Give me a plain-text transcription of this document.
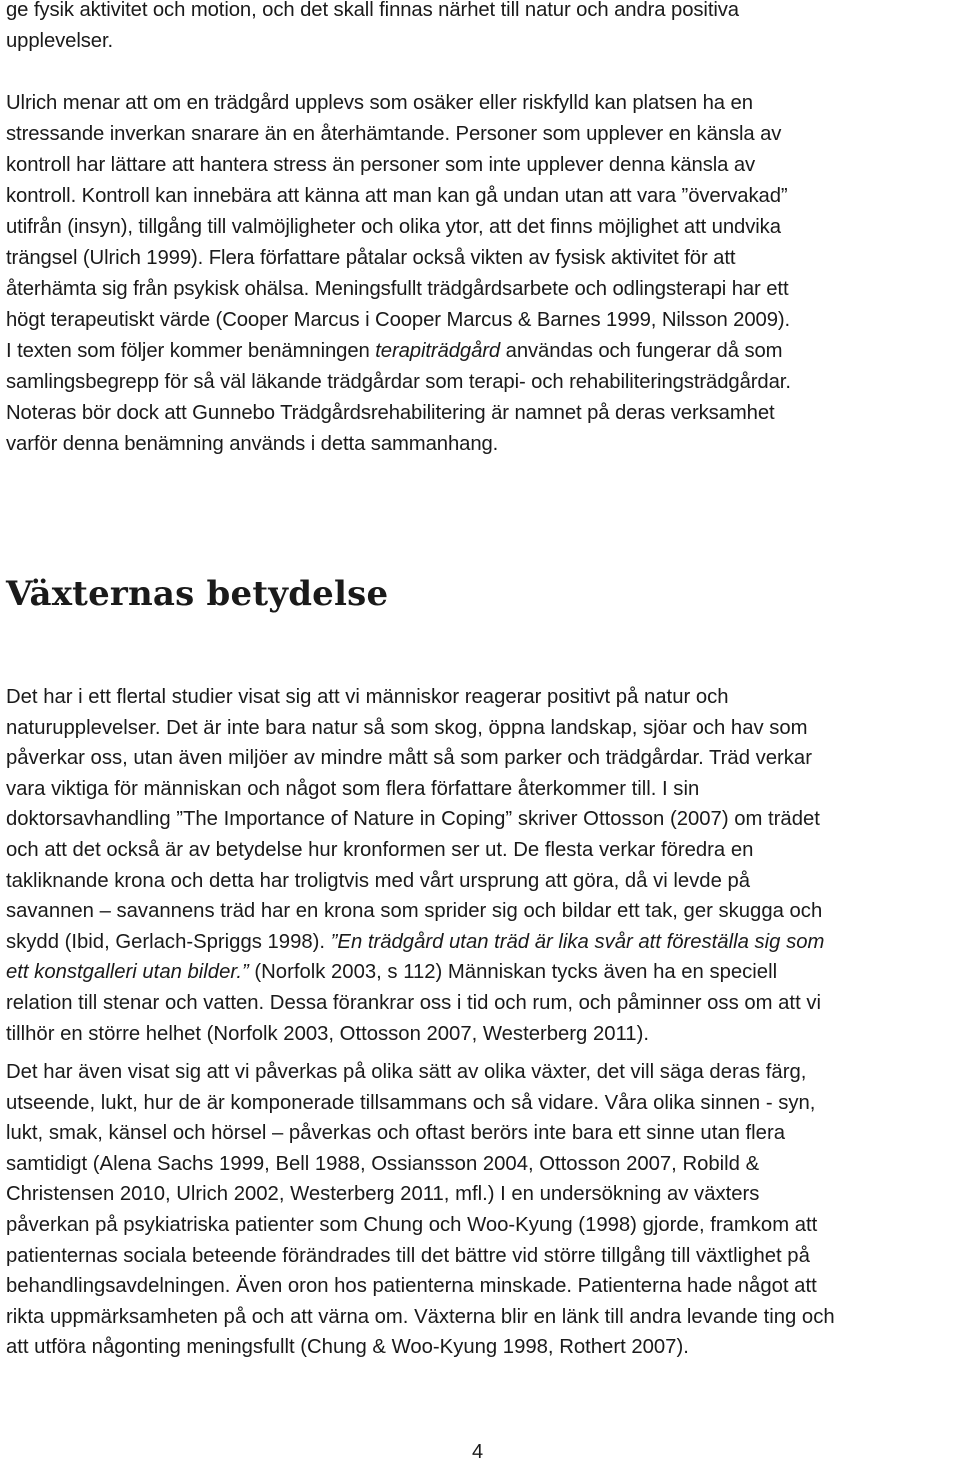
ge fysik aktivitet och motion, och det skall finnas närhet till natur och andra positiva
upplevelser.

Ulrich menar att om en trädgård upplevs som osäker eller riskfylld kan platsen ha en
stressande inverkan snarare än en återhämtande. Personer som upplever en känsla av
kontroll har lättare att hantera stress än personer som inte upplever denna känsla av
kontroll. Kontroll kan innebära att känna att man kan gå undan utan att vara ”övervakad”
utifrån (insyn), tillgång till valmöjligheter och olika ytor, att det finns möjlighet att undvika
trängsel (Ulrich 1999). Flera författare påtalar också vikten av fysisk aktivitet för att
återhämta sig från psykisk ohälsa. Meningsfullt trädgårdsarbete och odlingsterapi har ett
högt terapeutiskt värde (Cooper Marcus i Cooper Marcus & Barnes 1999, Nilsson 2009).
I texten som följer kommer benämningen terapiträdgård användas och fungerar då som
samlingsbegrepp för så väl läkande trädgårdar som terapi- och rehabiliteringsträdgårdar.
Noteras bör dock att Gunnebo Trädgårdsrehabilitering är namnet på deras verksamhet
varför denna benämning används i detta sammanhang.
Växternas betydelse
Det har i ett flertal studier visat sig att vi människor reagerar positivt på natur och
naturupplevelser. Det är inte bara natur så som skog, öppna landskap, sjöar och hav som
påverkar oss, utan även miljöer av mindre mått så som parker och trädgårdar. Träd verkar
vara viktiga för människan och något som flera författare återkommer till. I sin
doktorsavhandling ”The Importance of Nature in Coping” skriver Ottosson (2007) om trädet
och att det också är av betydelse hur kronformen ser ut. De flesta verkar föredra en
takliknande krona och detta har troligtvis med vårt ursprung att göra, då vi levde på
savannen – savannens träd har en krona som sprider sig och bildar ett tak, ger skugga och
skydd (Ibid, Gerlach-Spriggs 1998). ”En trädgård utan träd är lika svår att föreställa sig som
ett konstgalleri utan bilder.” (Norfolk 2003, s 112) Människan tycks även ha en speciell
relation till stenar och vatten. Dessa förankrar oss i tid och rum, och påminner oss om att vi
tillhör en större helhet (Norfolk 2003, Ottosson 2007, Westerberg 2011).
Det har även visat sig att vi påverkas på olika sätt av olika växter, det vill säga deras färg,
utseende, lukt, hur de är komponerade tillsammans och så vidare. Våra olika sinnen - syn,
lukt, smak, känsel och hörsel – påverkas och oftast berörs inte bara ett sinne utan flera
samtidigt (Alena Sachs 1999, Bell 1988, Ossiansson 2004, Ottosson 2007, Robild &
Christensen 2010, Ulrich 2002, Westerberg 2011, mfl.) I en undersökning av växters
påverkan på psykiatriska patienter som Chung och Woo-Kyung (1998) gjorde, framkom att
patienternas sociala beteende förändrades till det bättre vid större tillgång till växtlighet på
behandlingsavdelningen. Även oron hos patienterna minskade. Patienterna hade något att
rikta uppmärksamheten på och att värna om. Växterna blir en länk till andra levande ting och
att utföra någonting meningsfullt (Chung & Woo-Kyung 1998, Rothert 2007).
4
